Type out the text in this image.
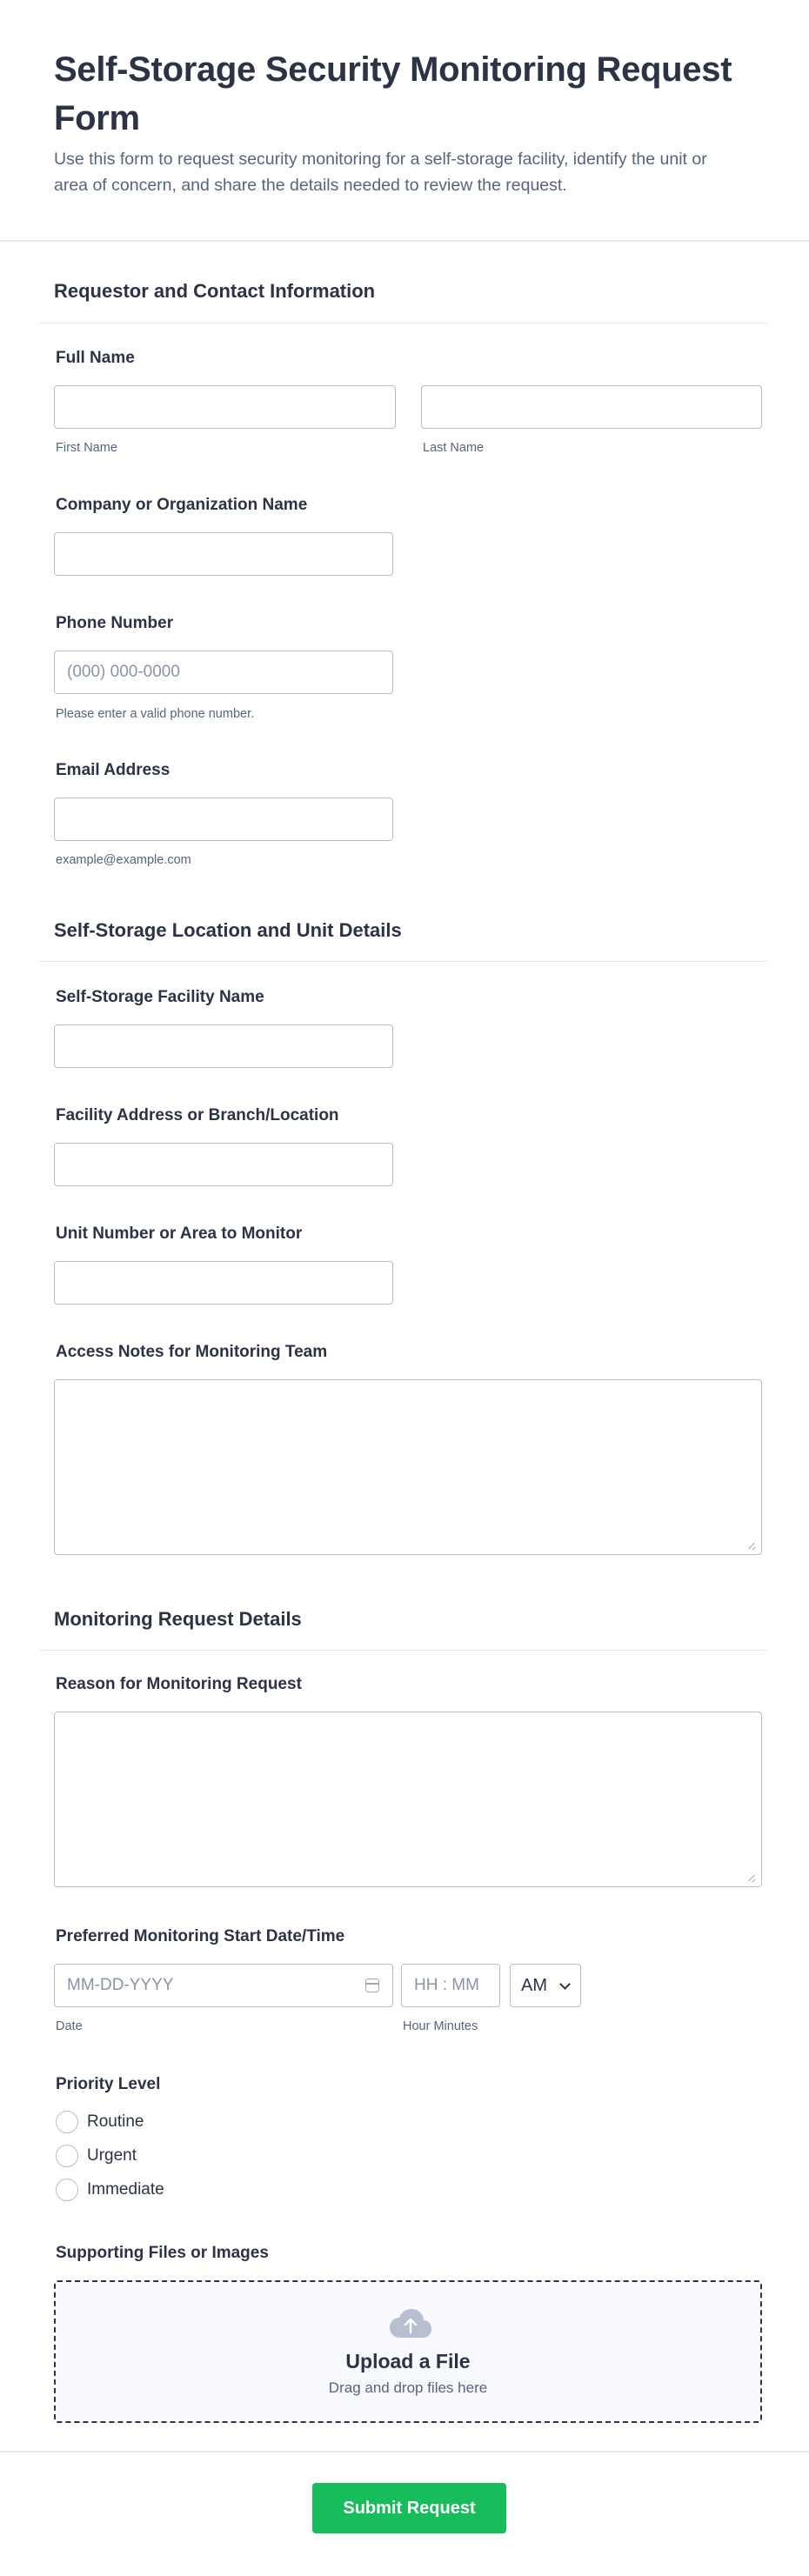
Self-Storage Security Monitoring Request Form

Use this form to request security monitoring for a self-storage facility, identify the unit or area of concern, and share the details needed to review the request.

Requestor and Contact Information
Full Name
First Name	Last Name
Company or Organization Name
Phone Number
(000) 000-0000
Please enter a valid phone number.
Email Address
example@example.com
Self-Storage Location and Unit Details
Self-Storage Facility Name
Facility Address or Branch/Location
Unit Number or Area to Monitor
Access Notes for Monitoring Team
Monitoring Request Details
Reason for Monitoring Request
Preferred Monitoring Start Date/Time
MM-DD-YYYY
HH : MM
AM
Date	Hour Minutes
Priority Level
Routine
Urgent
Immediate
Supporting Files or Images
Upload a File
Drag and drop files here
Submit Request
